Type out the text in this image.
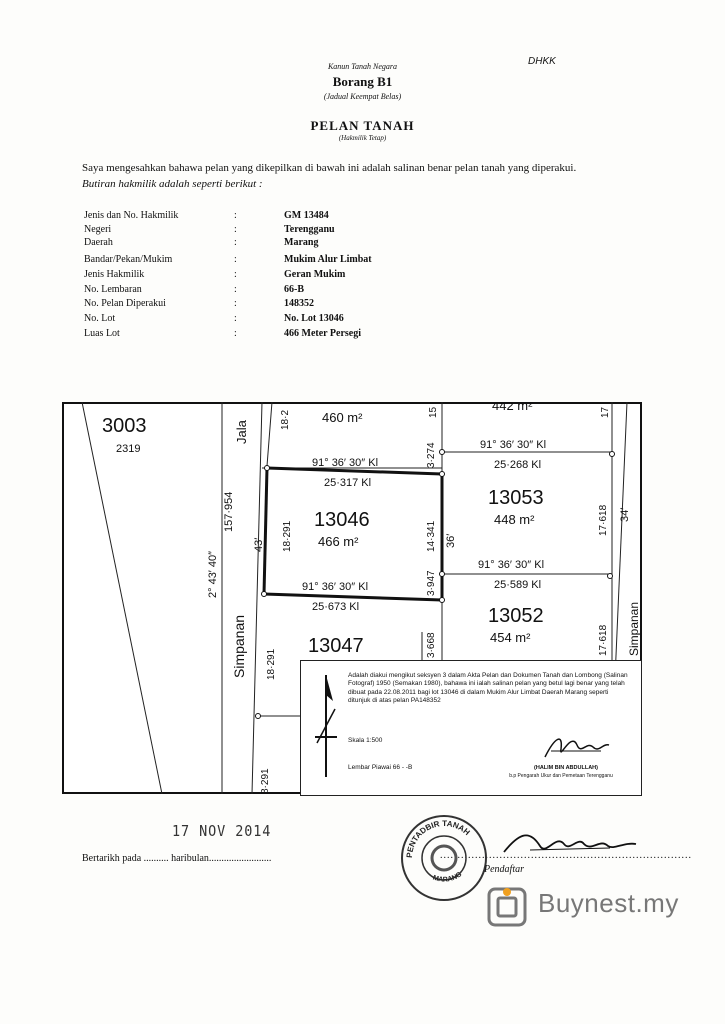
DHKK
Kanun Tanah Negara
Borang B1
(Jadual Keempat Belas)
PELAN TANAH
(Hakmilik Tetap)
Saya mengesahkan bahawa pelan yang dikepilkan di bawah ini adalah salinan benar pelan tanah yang diperakui.
Butiran hakmilik adalah seperti berikut :
Jenis dan No. Hakmilik	:	GM 13484
Negeri	:	Terengganu
Daerah	:	Marang
Bandar/Pekan/Mukim	:	Mukim Alur Limbat
Jenis Hakmilik	:	Geran Mukim
No. Lembaran	:	66-B
No. Pelan Diperakui	:	148352
No. Lot	:	No. Lot 13046
Luas Lot	:	466 Meter Persegi
3003
2319
460 m²
442 m²
13046
466 m²
13053
448 m²
13052
454 m²
13047
91° 36′ 30″ Kl
91° 36′ 30″ Kl
91° 36′ 30″ Kl
91° 36′ 30″ Kl
25·317 Kl
25·268 Kl
25·589 Kl
25·673 Kl
3·274
14·341
3·947
3·668
18·291
18·291
8·291
17·618
17·618
18·2	15	17
157·954
2° 43′ 40″
43′	36′
34′
Simpanan
Jala
Simpanan
Adalah diakui mengikut seksyen 3 dalam Akta Pelan dan Dokumen Tanah dan Lombong (Salinan Fotograf) 1950 (Semakan 1980), bahawa ini ialah salinan pelan yang betul lagi benar yang telah dibuat pada 22.08.2011 bagi lot 13046 di dalam Mukim Alur Limbat Daerah Marang seperti ditunjuk di atas pelan PA148352
Skala 1:500
Lembar Piawai 66 - -B	(HALIM BIN ABDULLAH)
b.p Pengarah Ukur dan Pemetaan Terengganu
17 NOV 2014
Bertarikh pada .......... haribulan.........................	........................................................................
PENTADBIR TANAH
MARANG
Pendaftar
Buynest.my
